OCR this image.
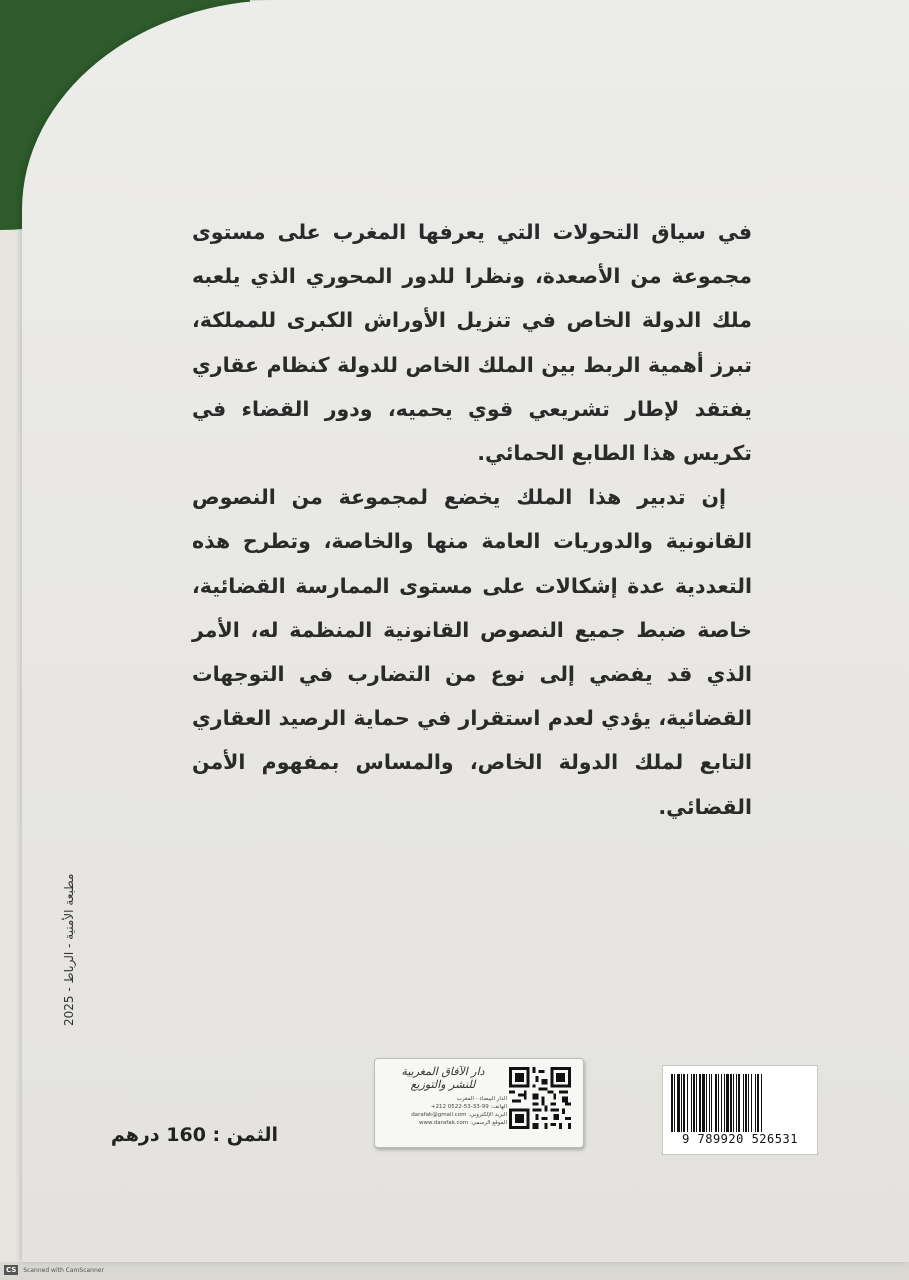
في سياق التحولات التي يعرفها المغرب على مستوى مجموعة من الأصعدة، ونظرا للدور المحوري الذي يلعبه ملك الدولة الخاص في تنزيل الأوراش الكبرى للمملكة، تبرز أهمية الربط بين الملك الخاص للدولة كنظام عقاري يفتقد لإطار تشريعي قوي يحميه، ودور القضاء في تكريس هذا الطابع الحمائي.

إن تدبير هذا الملك يخضع لمجموعة من النصوص القانونية والدوريات العامة منها والخاصة، وتطرح هذه التعددية عدة إشكالات على مستوى الممارسة القضائية، خاصة ضبط جميع النصوص القانونية المنظمة له، الأمر الذي قد يفضي إلى نوع من التضارب في التوجهات القضائية، يؤدي لعدم استقرار في حماية الرصيد العقاري التابع لملك الدولة الخاص، والمساس بمفهوم الأمن القضائي.

مطبعة الأمنية - الرباط - 2025
الثمن : 160 درهم
دار الآفاق المغربية
للنشر والتوزيع
الدار البيضاء - المغرب
الهاتف: 99-33-53-0522 212+
البريد الإلكتروني: darafak@gmail.com
الموقع الرسمي: www.darafak.com
9 789920 526531
CS Scanned with CamScanner
